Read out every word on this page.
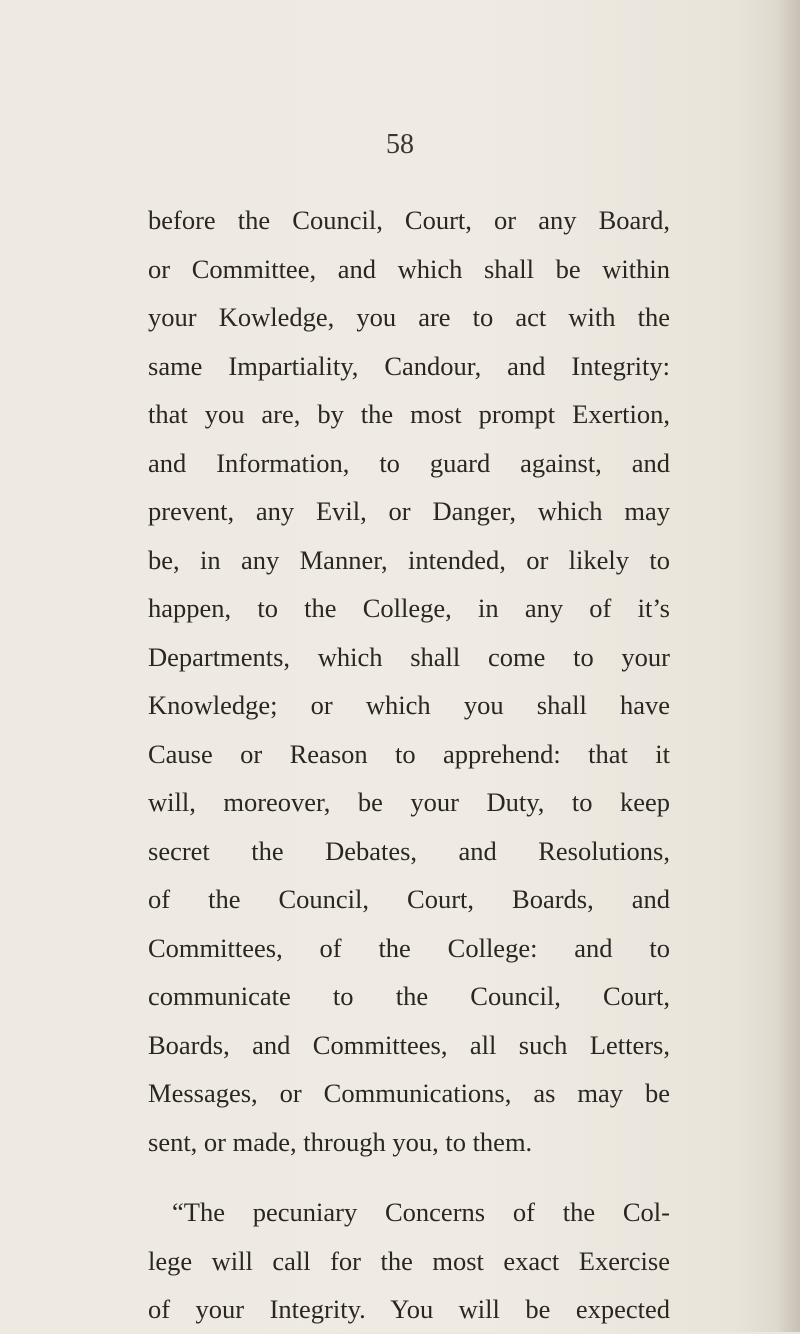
58
before the Council, Court, or any Board,
or Committee, and which shall be within
your Kowledge, you are to act with the
same Impartiality, Candour, and Integrity:
that you are, by the most prompt Exertion,
and Information, to guard against, and
prevent, any Evil, or Danger, which may
be, in any Manner, intended, or likely to
happen, to the College, in any of it’s
Departments, which shall come to your
Knowledge; or which you shall have
Cause or Reason to apprehend: that it
will, moreover, be your Duty, to keep
secret the Debates, and Resolutions,
of the Council, Court, Boards, and
Committees, of the College: and to
communicate to the Council, Court,
Boards, and Committees, all such Letters,
Messages, or Communications, as may be
sent, or made, through you, to them.
“The pecuniary Concerns of the Col-
lege will call for the most exact Exercise
of your Integrity. You will be expected
